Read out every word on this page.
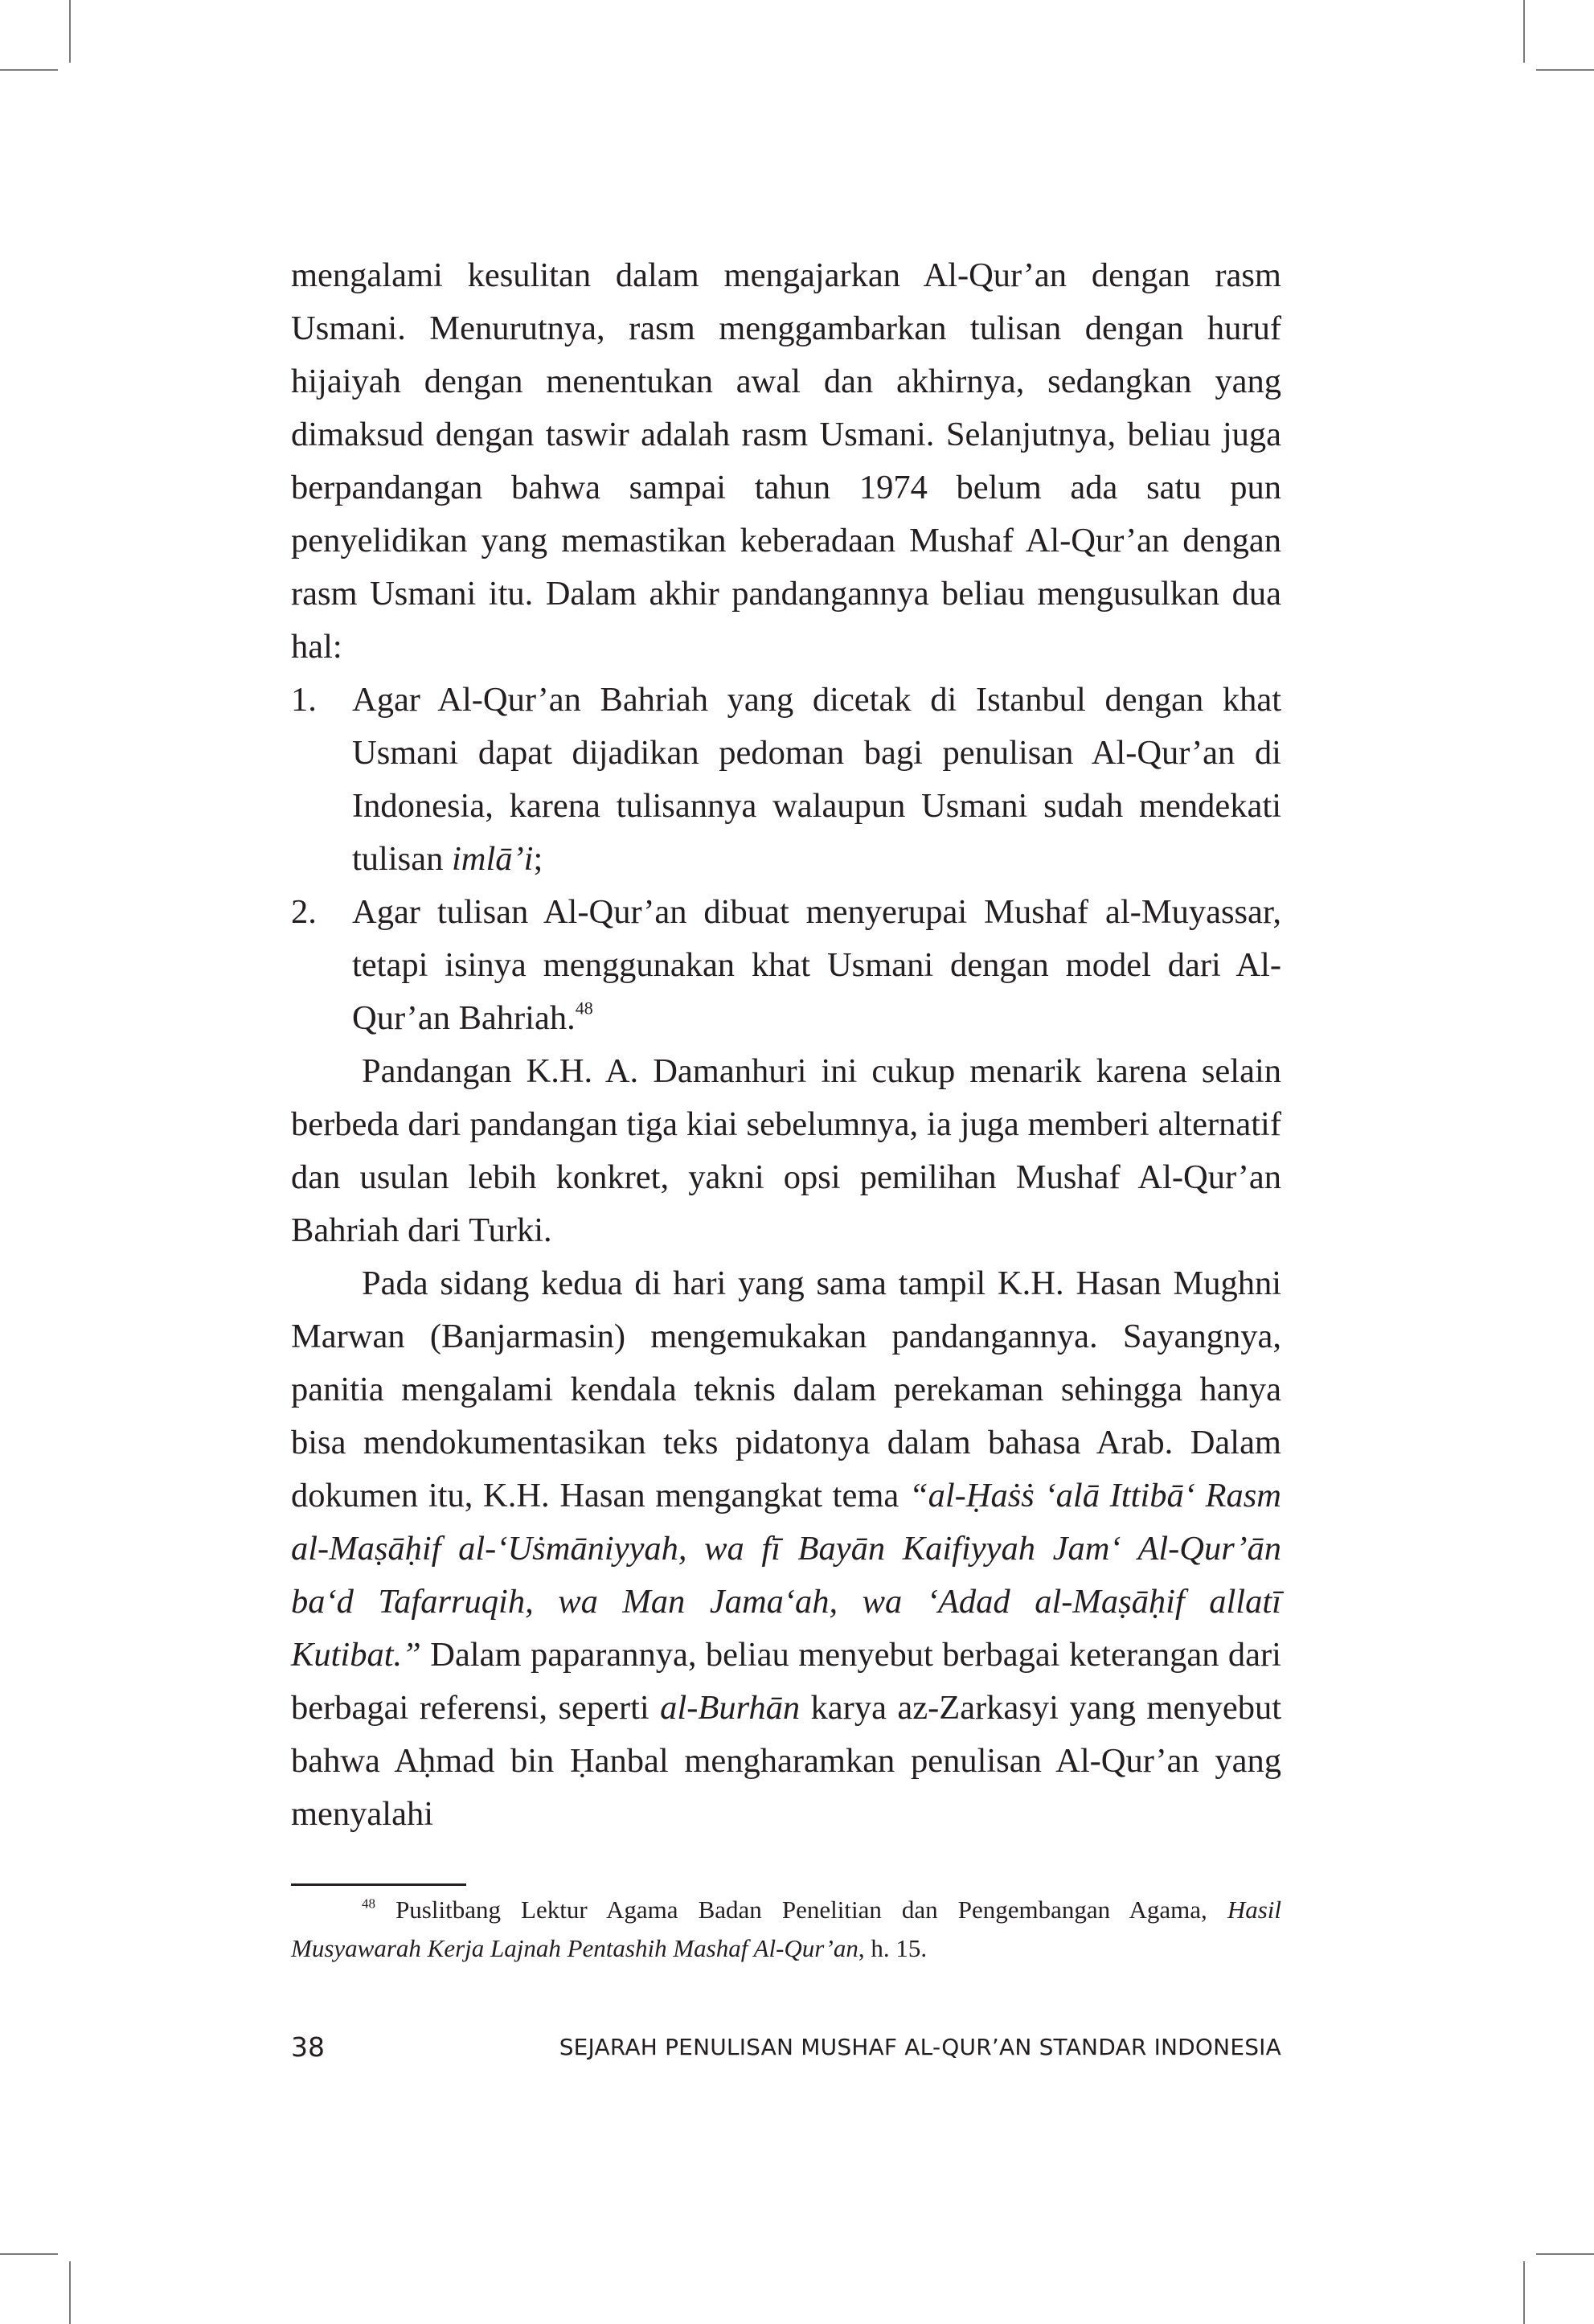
mengalami kesulitan dalam mengajarkan Al-Qur’an dengan rasm Usmani. Menurutnya, rasm menggambarkan tulisan dengan huruf hijaiyah dengan menentukan awal dan akhirnya, sedangkan yang dimaksud dengan taswir adalah rasm Usmani. Selanjutnya, beliau juga berpandangan bahwa sampai tahun 1974 belum ada satu pun penyelidikan yang memastikan keberadaan Mushaf Al-Qur’an dengan rasm Usmani itu. Dalam akhir pandangannya beliau mengusulkan dua hal:

1. Agar Al-Qur’an Bahriah yang dicetak di Istanbul dengan khat Usmani dapat dijadikan pedoman bagi penulisan Al-Qur’an di Indonesia, karena tulisannya walaupun Usmani sudah mendekati tulisan imlā’i;
2. Agar tulisan Al-Qur’an dibuat menyerupai Mushaf al-Muyassar, tetapi isinya menggunakan khat Usmani dengan model dari Al-Qur’an Bahriah.$^{48}$

Pandangan K.H. A. Damanhuri ini cukup menarik karena selain berbeda dari pandangan tiga kiai sebelumnya, ia juga memberi alternatif dan usulan lebih konkret, yakni opsi pemilihan Mushaf Al-Qur’an Bahriah dari Turki.

Pada sidang kedua di hari yang sama tampil K.H. Hasan Mughni Marwan (Banjarmasin) mengemukakan pandangannya. Sayangnya, panitia mengalami kendala teknis dalam perekaman sehingga hanya bisa mendokumentasikan teks pidatonya dalam bahasa Arab. Dalam dokumen itu, K.H. Hasan mengangkat tema “al-Ḥaṡṡ ‘alā Ittibā‘ Rasm al-Maṣāḥif al-‘Uṡmāniyyah, wa fī Bayān Kaifiyyah Jam‘ Al-Qur’ān ba‘d Tafarruqih, wa Man Jama‘ah, wa ‘Adad al-Maṣāḥif allatī Kutibat.” Dalam paparannya, beliau menyebut berbagai keterangan dari berbagai referensi, seperti al-Burhān karya az-Zarkasyi yang menyebut bahwa Aḥmad bin Ḥanbal mengharamkan penulisan Al-Qur’an yang menyalahi

$^{48}$ Puslitbang Lektur Agama Badan Penelitian dan Pengembangan Agama, Hasil Musyawarah Kerja Lajnah Pentashih Mashaf Al-Qur’an, h. 15.

38	SEJARAH PENULISAN MUSHAF AL-QUR’AN STANDAR INDONESIA
